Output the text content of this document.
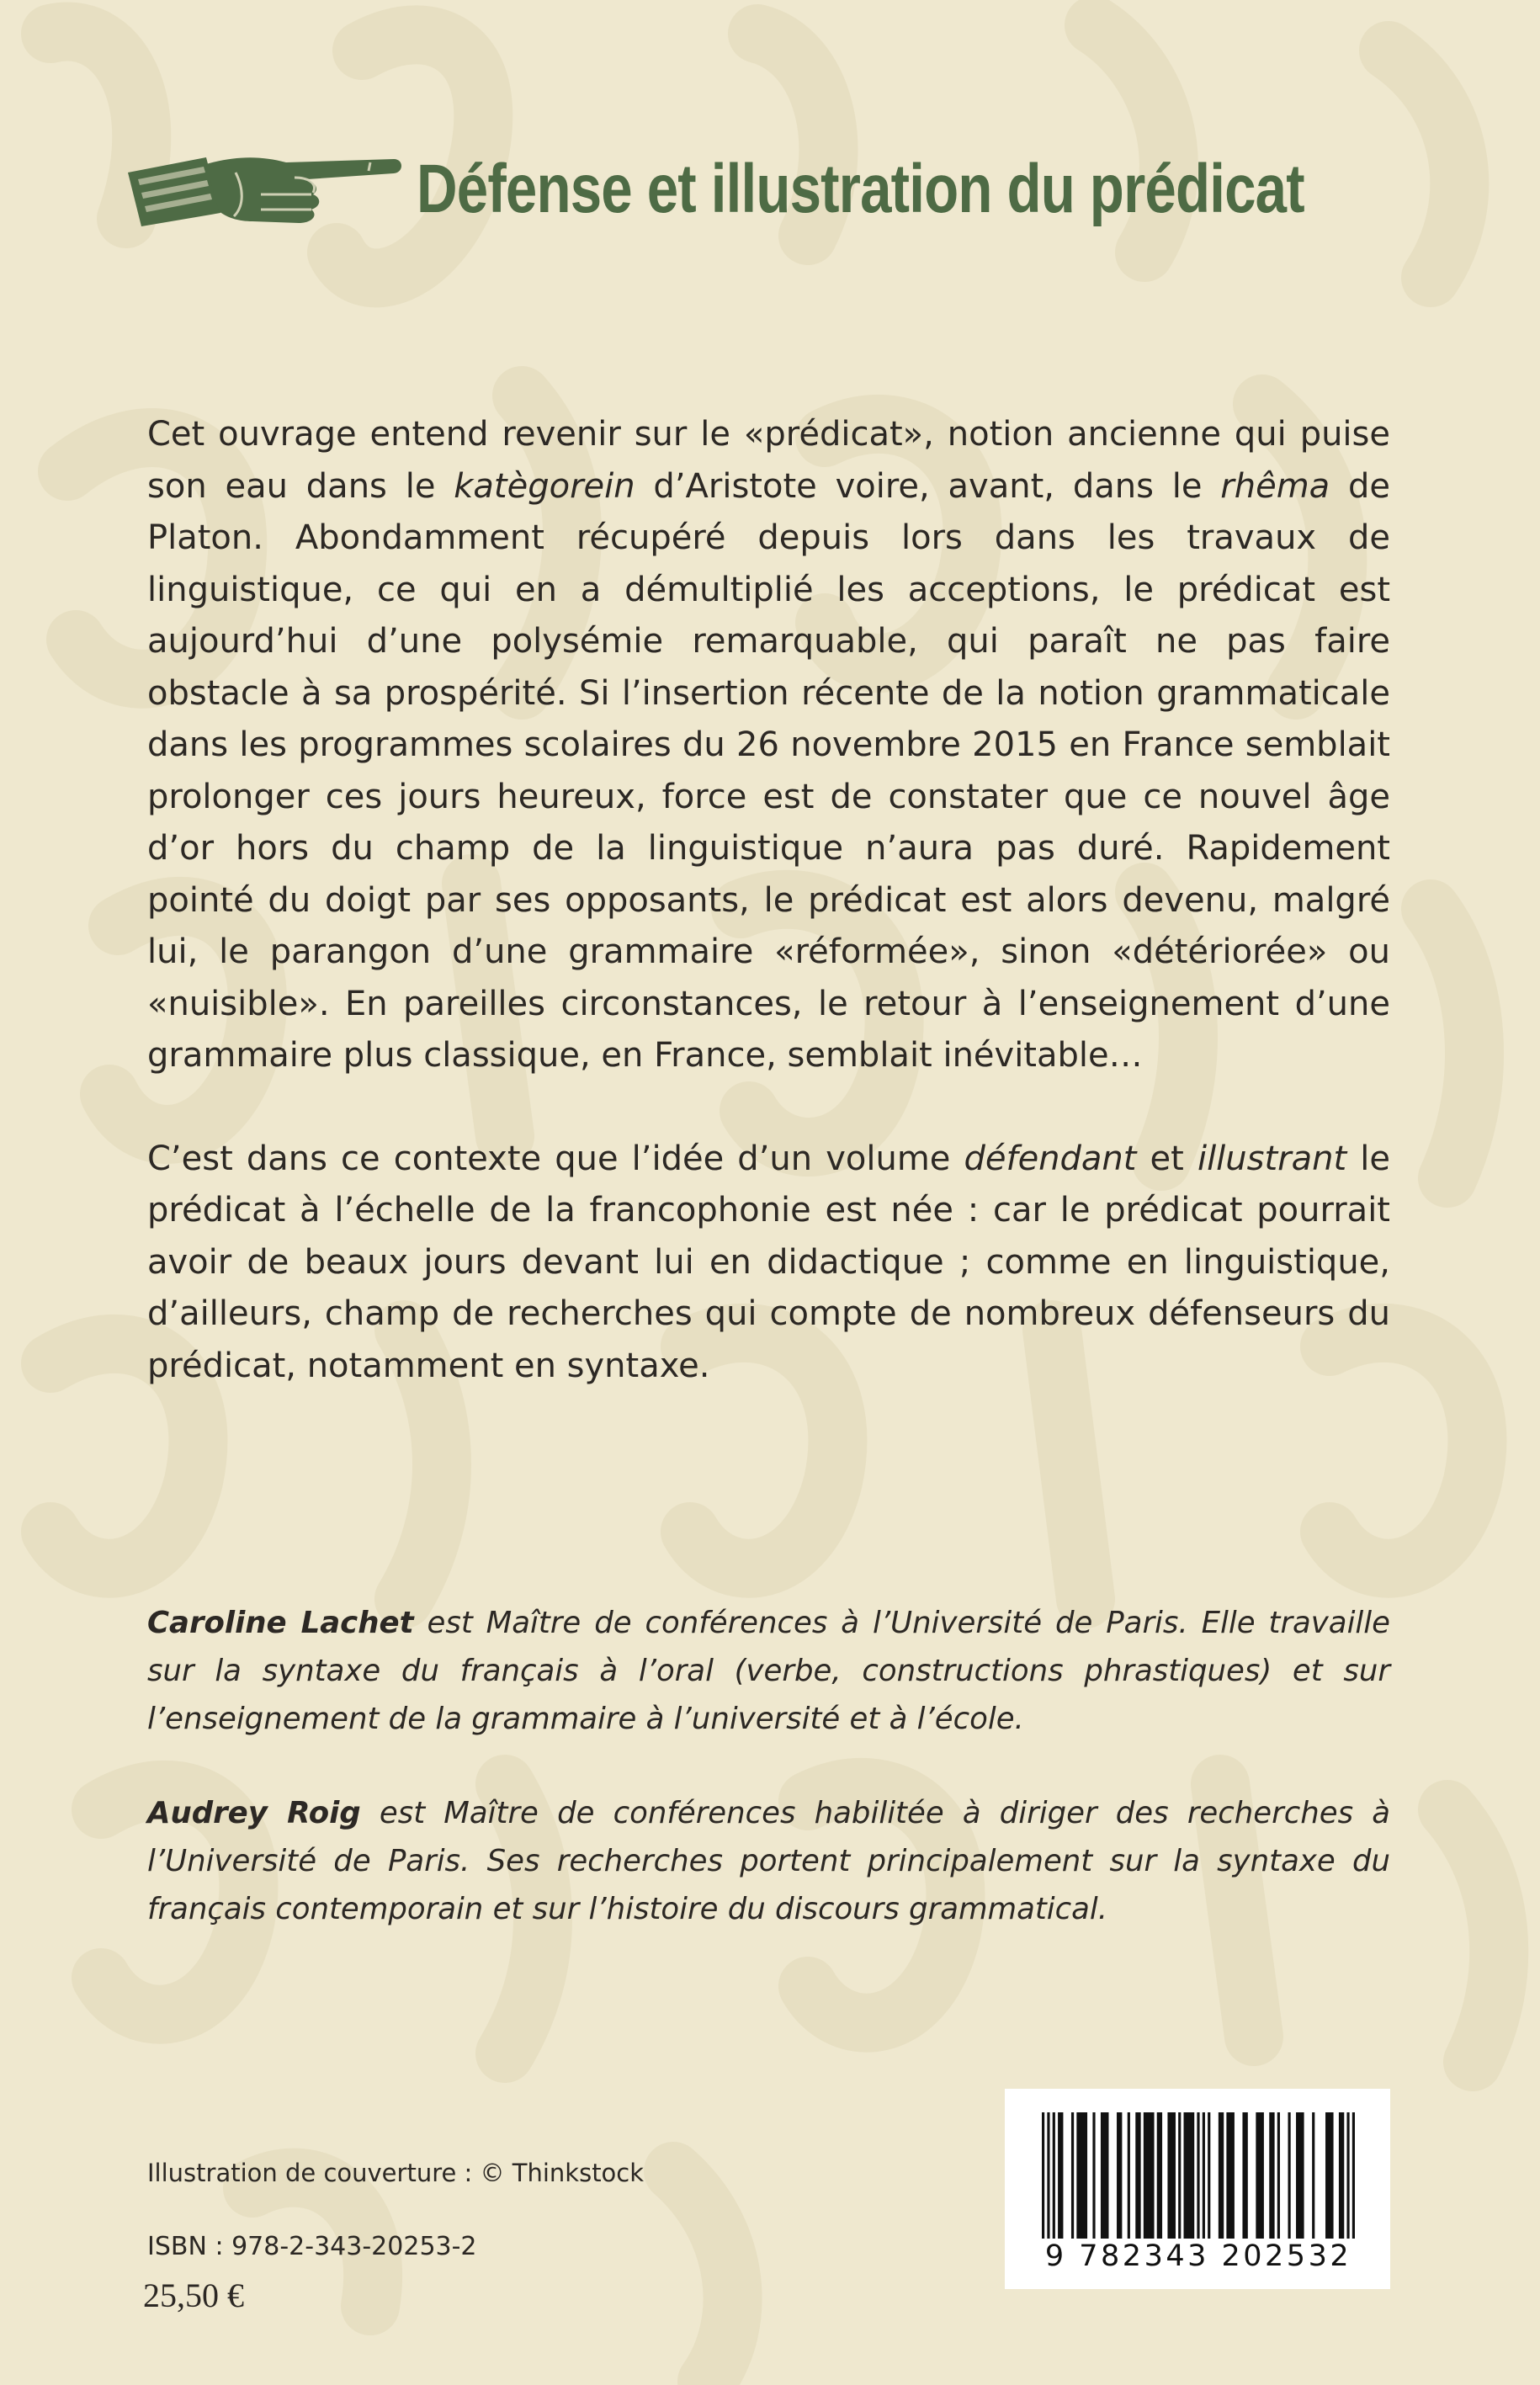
Défense et illustration du prédicat

Cet ouvrage entend revenir sur le «prédicat», notion ancienne qui puise son eau dans le katègorein d’Aristote voire, avant, dans le rhêma de Platon. Abondamment récupéré depuis lors dans les travaux de linguistique, ce qui en a démultiplié les acceptions, le prédicat est aujourd’hui d’une polysémie remarquable, qui paraît ne pas faire obstacle à sa prospérité. Si l’insertion récente de la notion grammaticale dans les programmes scolaires du 26 novembre 2015 en France semblait prolonger ces jours heureux, force est de constater que ce nouvel âge d’or hors du champ de la linguistique n’aura pas duré. Rapidement pointé du doigt par ses opposants, le prédicat est alors devenu, malgré lui, le parangon d’une grammaire «réformée», sinon «détériorée» ou «nuisible». En pareilles circonstances, le retour à l’enseignement d’une grammaire plus classique, en France, semblait inévitable…

C’est dans ce contexte que l’idée d’un volume défendant et illustrant le prédicat à l’échelle de la francophonie est née : car le prédicat pourrait avoir de beaux jours devant lui en didactique ; comme en linguistique, d’ailleurs, champ de recherches qui compte de nombreux défenseurs du prédicat, notamment en syntaxe.

Caroline Lachet est Maître de conférences à l’Université de Paris. Elle travaille sur la syntaxe du français à l’oral (verbe, constructions phrastiques) et sur l’enseignement de la grammaire à l’université et à l’école.

Audrey Roig est Maître de conférences habilitée à diriger des recherches à l’Université de Paris. Ses recherches portent principalement sur la syntaxe du français contemporain et sur l’histoire du discours grammatical.

Illustration de couverture : © Thinkstock
ISBN : 978-2-343-20253-2
25,50 €
9 782343 202532
